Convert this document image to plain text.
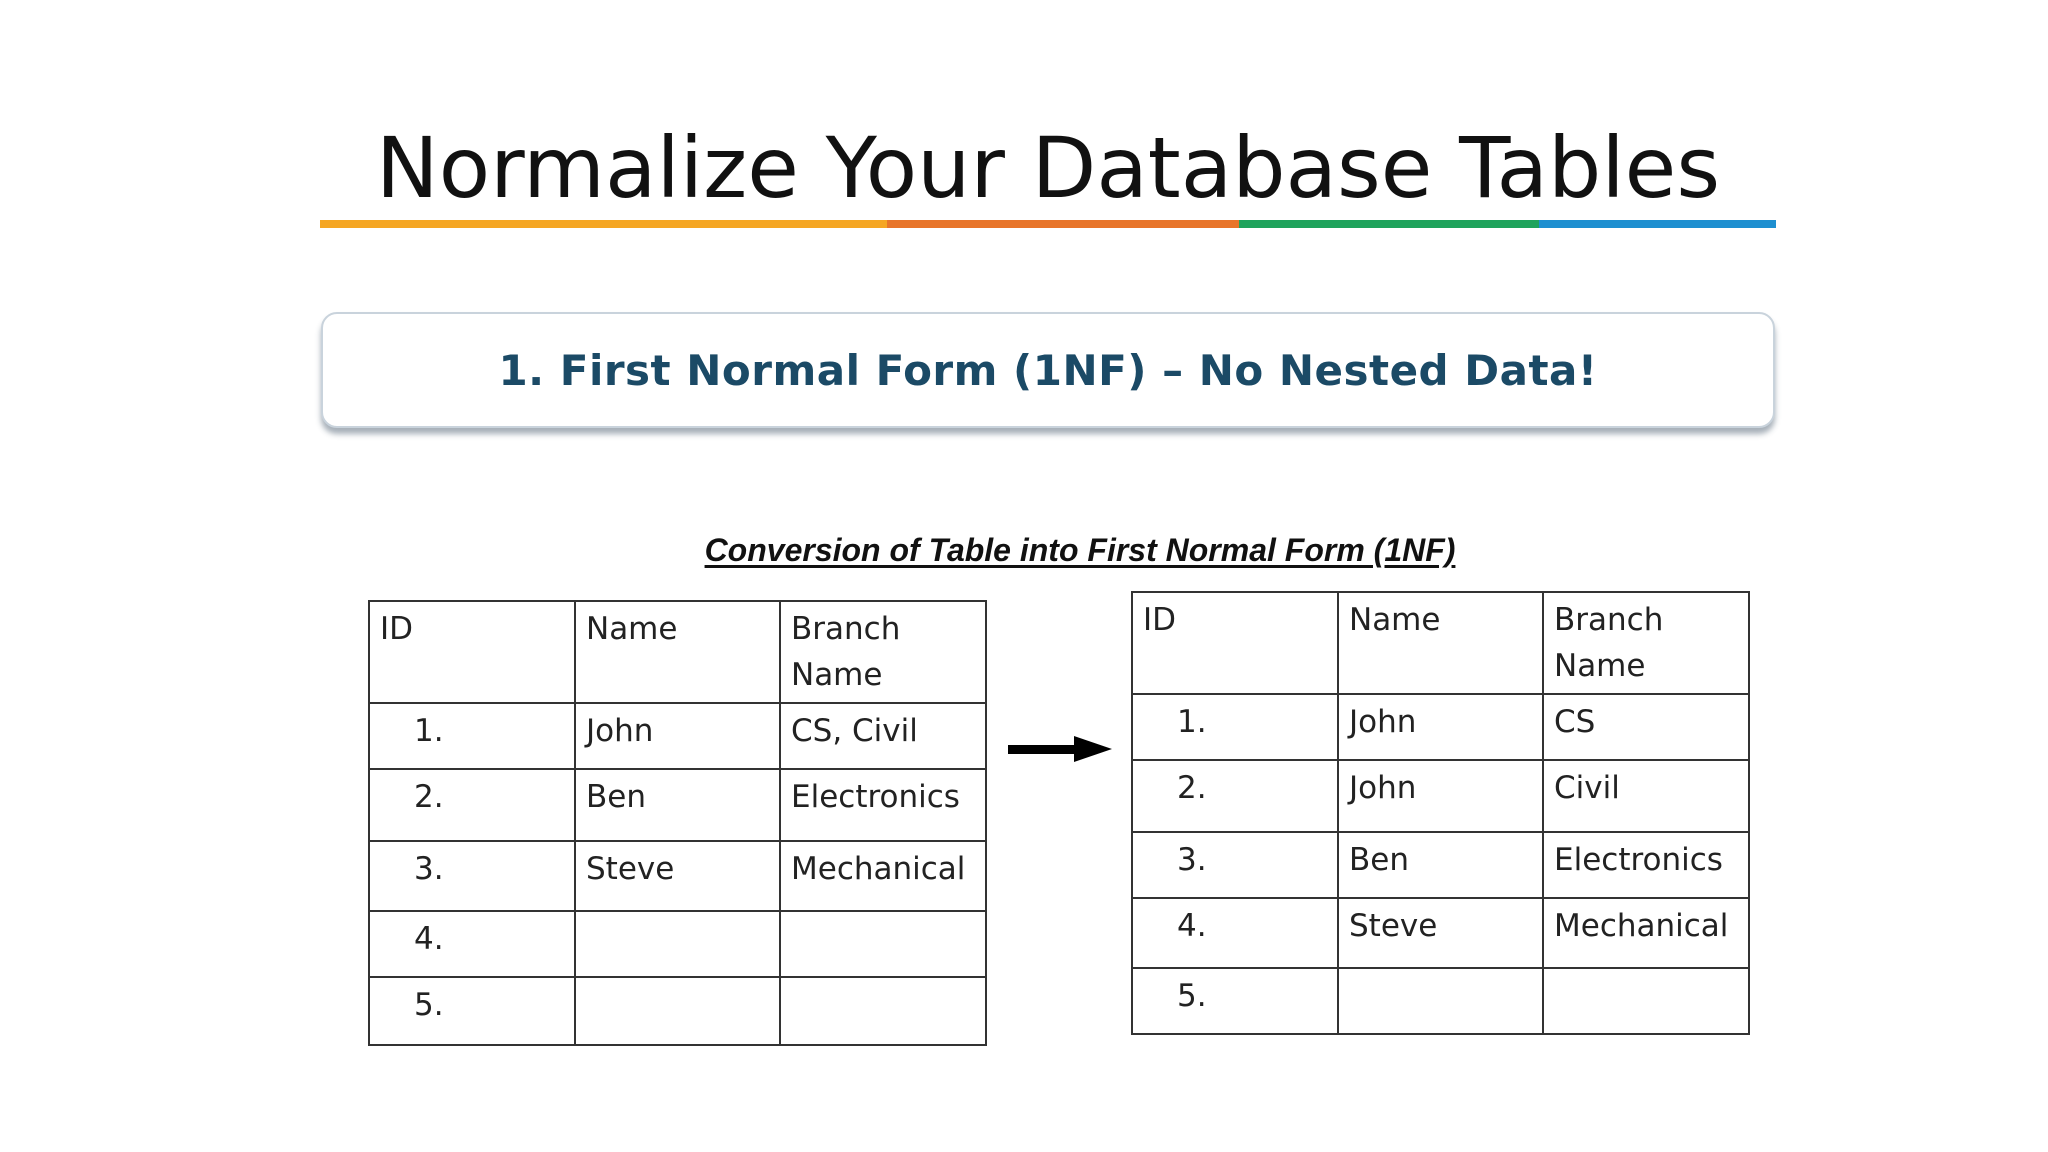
Normalize Your Database Tables
1. First Normal Form (1NF) – No Nested Data!
Conversion of Table into First Normal Form (1NF)
ID	Name	Branch Name
1.	John	CS, Civil
2.	Ben	Electronics
3.	Steve	Mechanical
4.		
5.		
ID	Name	Branch Name
1.	John	CS
2.	John	Civil
3.	Ben	Electronics
4.	Steve	Mechanical
5.		
